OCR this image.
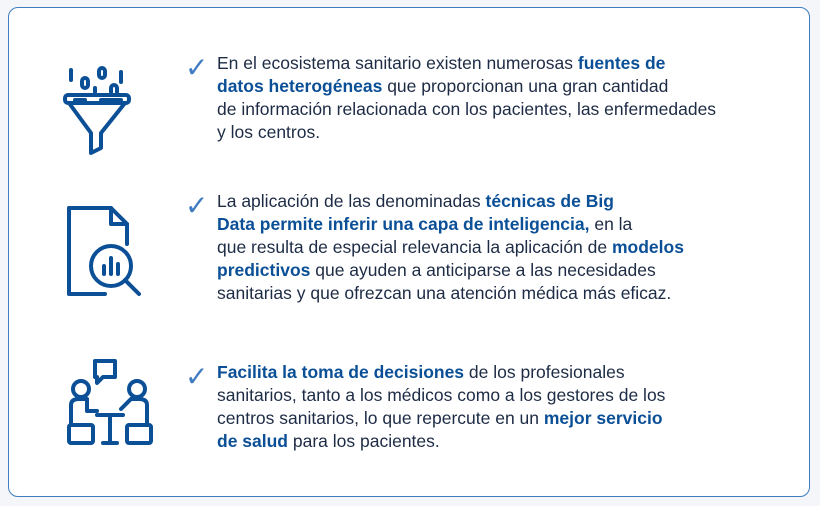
✓ En el ecosistema sanitario existen numerosas fuentes de
datos heterogéneas que proporcionan una gran cantidad
de información relacionada con los pacientes, las enfermedades
y los centros.
✓ La aplicación de las denominadas técnicas de Big
Data permite inferir una capa de inteligencia, en la
que resulta de especial relevancia la aplicación de modelos
predictivos que ayuden a anticiparse a las necesidades
sanitarias y que ofrezcan una atención médica más eficaz.
✓ Facilita la toma de decisiones de los profesionales
sanitarios, tanto a los médicos como a los gestores de los
centros sanitarios, lo que repercute en un mejor servicio
de salud para los pacientes.
